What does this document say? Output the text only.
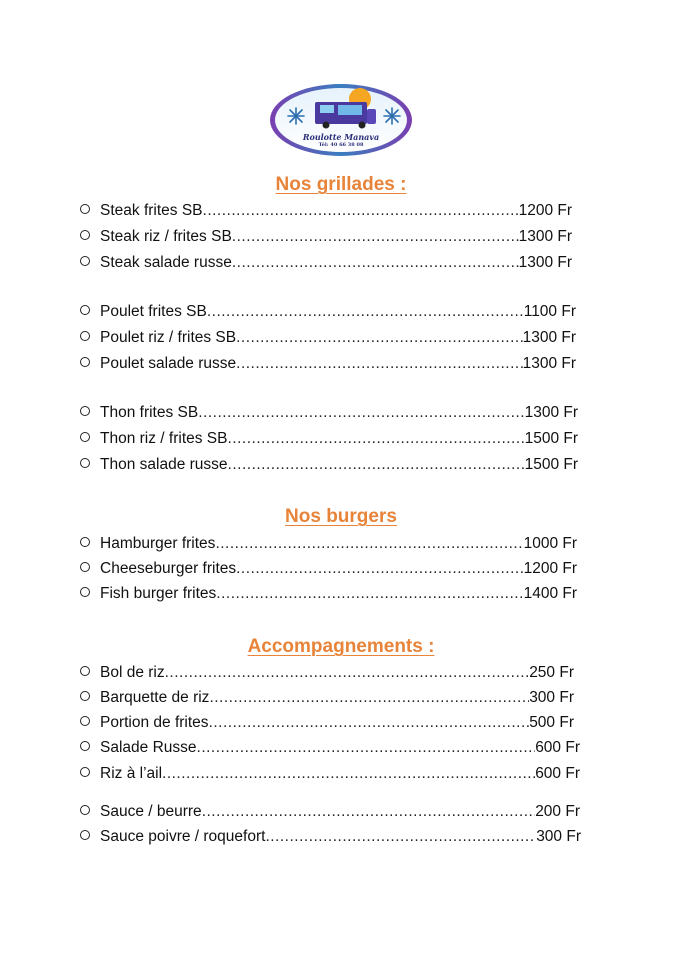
Roulotte Manava
Tél: 40 66 38 08
Nos grillades :
Steak frites SB .....	1200 Fr
Steak riz / frites SB .....	1300 Fr
Steak salade russe .....	1300 Fr
Poulet frites SB .....	1100 Fr
Poulet riz / frites SB .....	1300 Fr
Poulet salade russe .....	1300 Fr
Thon frites SB .....	1300 Fr
Thon riz / frites SB .....	1500 Fr
Thon salade russe .....	1500 Fr
Nos burgers
Hamburger frites .....	1000 Fr
Cheeseburger frites .....	1200 Fr
Fish burger frites .....	1400 Fr
Accompagnements :
Bol de riz .....	250 Fr
Barquette de riz .....	300 Fr
Portion de frites .....	500 Fr
Salade Russe .....	600 Fr
Riz à l’ail .....	600 Fr
Sauce / beurre .....	200 Fr
Sauce poivre / roquefort .....	300 Fr
